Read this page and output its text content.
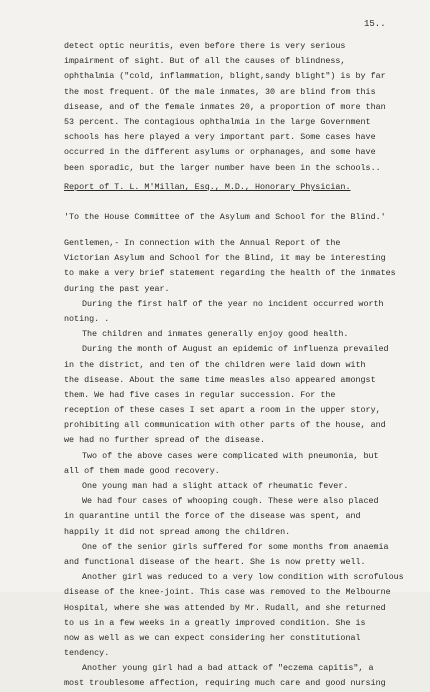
15..
detect optic neuritis, even before there is very serious
impairment of sight. But of all the causes of blindness,
ophthalmia ("cold, inflammation, blight,sandy blight") is by far
the most frequent. Of the male inmates, 30 are blind from this
disease, and of the female inmates 20, a proportion of more than
53 percent. The contagious ophthalmia in the large Government
schools has here played a very important part. Some cases have
occurred in the different asylums or orphanages, and some have
been sporadic, but the larger number have been in the schools..
Report of T. L. M'Millan, Esq., M.D., Honorary Physician.
'To the House Committee of the Asylum and School for the Blind.'
Gentlemen,- In connection with the Annual Report of the
Victorian Asylum and School for the Blind, it may be interesting
to make a very brief statement regarding the health of the inmates
during the past year.
During the first half of the year no incident occurred worth
noting. .
The children and inmates generally enjoy good health.
During the month of August an epidemic of influenza prevailed
in the district, and ten of the children were laid down with
the disease. About the same time measles also appeared amongst
them. We had five cases in regular succession. For the
reception of these cases I set apart a room in the upper story,
prohibiting all communication with other parts of the house, and
we had no further spread of the disease.
Two of the above cases were complicated with pneumonia, but
all of them made good recovery.
One young man had a slight attack of rheumatic fever.
We had four cases of whooping cough. These were also placed
in quarantine until the force of the disease was spent, and
happily it did not spread among the children.
One of the senior girls suffered for some months from anaemia
and functional disease of the heart. She is now pretty well.
Another girl was reduced to a very low condition with scrofulous
disease of the knee-joint. This case was removed to the Melbourne
Hospital, where she was attended by Mr. Rudall, and she returned
to us in a few weeks in a greatly improved condition. She is
now as well as we can expect considering her constitutional
tendency.
Another young girl had a bad attack of "eczema capitis", a
most troublesome affection, requiring much care and good nursing
